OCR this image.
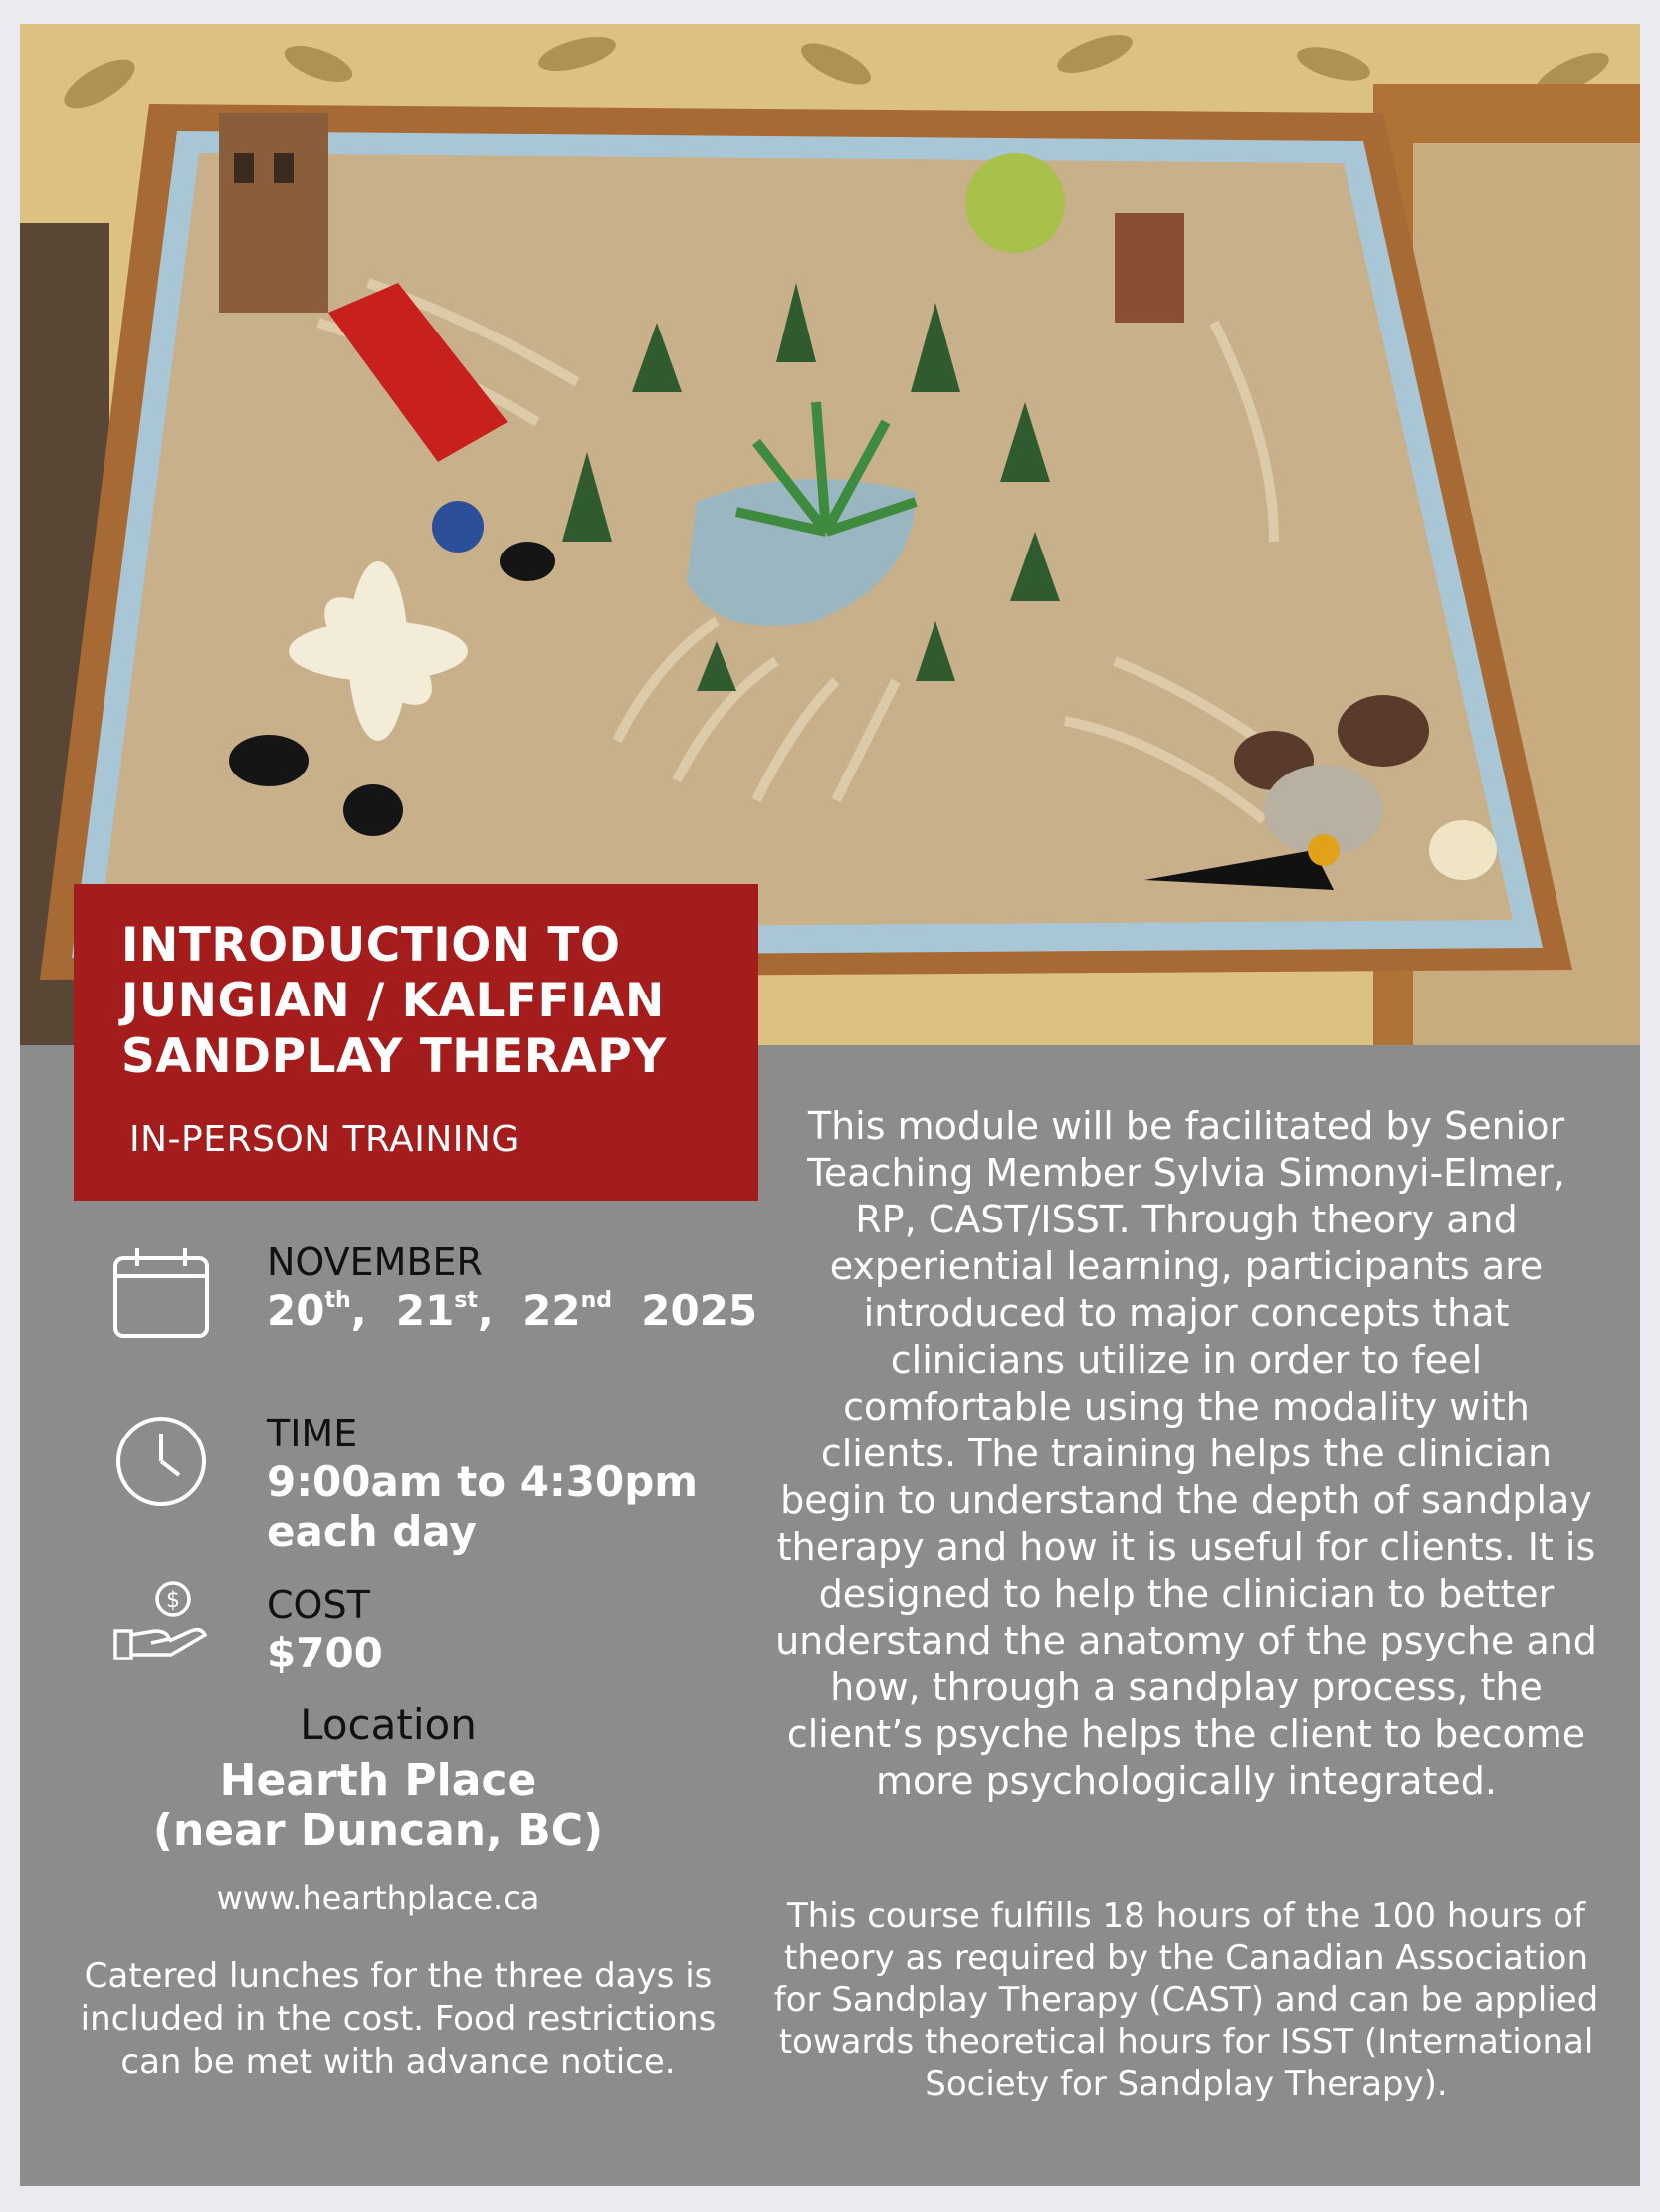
INTRODUCTION TO
JUNGIAN / KALFFIAN
SANDPLAY THERAPY
IN-PERSON TRAINING
NOVEMBER
20th,  21st,  22nd 2025
TIME
9:00am to 4:30pm
each day
$ COST
$700
Location
Hearth Place
(near Duncan, BC)
www.hearthplace.ca
Catered lunches for the three days is included in the cost. Food restrictions can be met with advance notice.
This module will be facilitated by Senior Teaching Member Sylvia Simonyi-Elmer, RP, CAST/ISST. Through theory and experiential learning, participants are introduced to major concepts that clinicians utilize in order to feel comfortable using the modality with clients. The training helps the clinician begin to understand the depth of sandplay therapy and how it is useful for clients. It is designed to help the clinician to better understand the anatomy of the psyche and how, through a sandplay process, the client’s psyche helps the client to become more psychologically integrated.
This course fulfills 18 hours of the 100 hours of theory as required by the Canadian Association for Sandplay Therapy (CAST) and can be applied towards theoretical hours for ISST (International Society for Sandplay Therapy).
